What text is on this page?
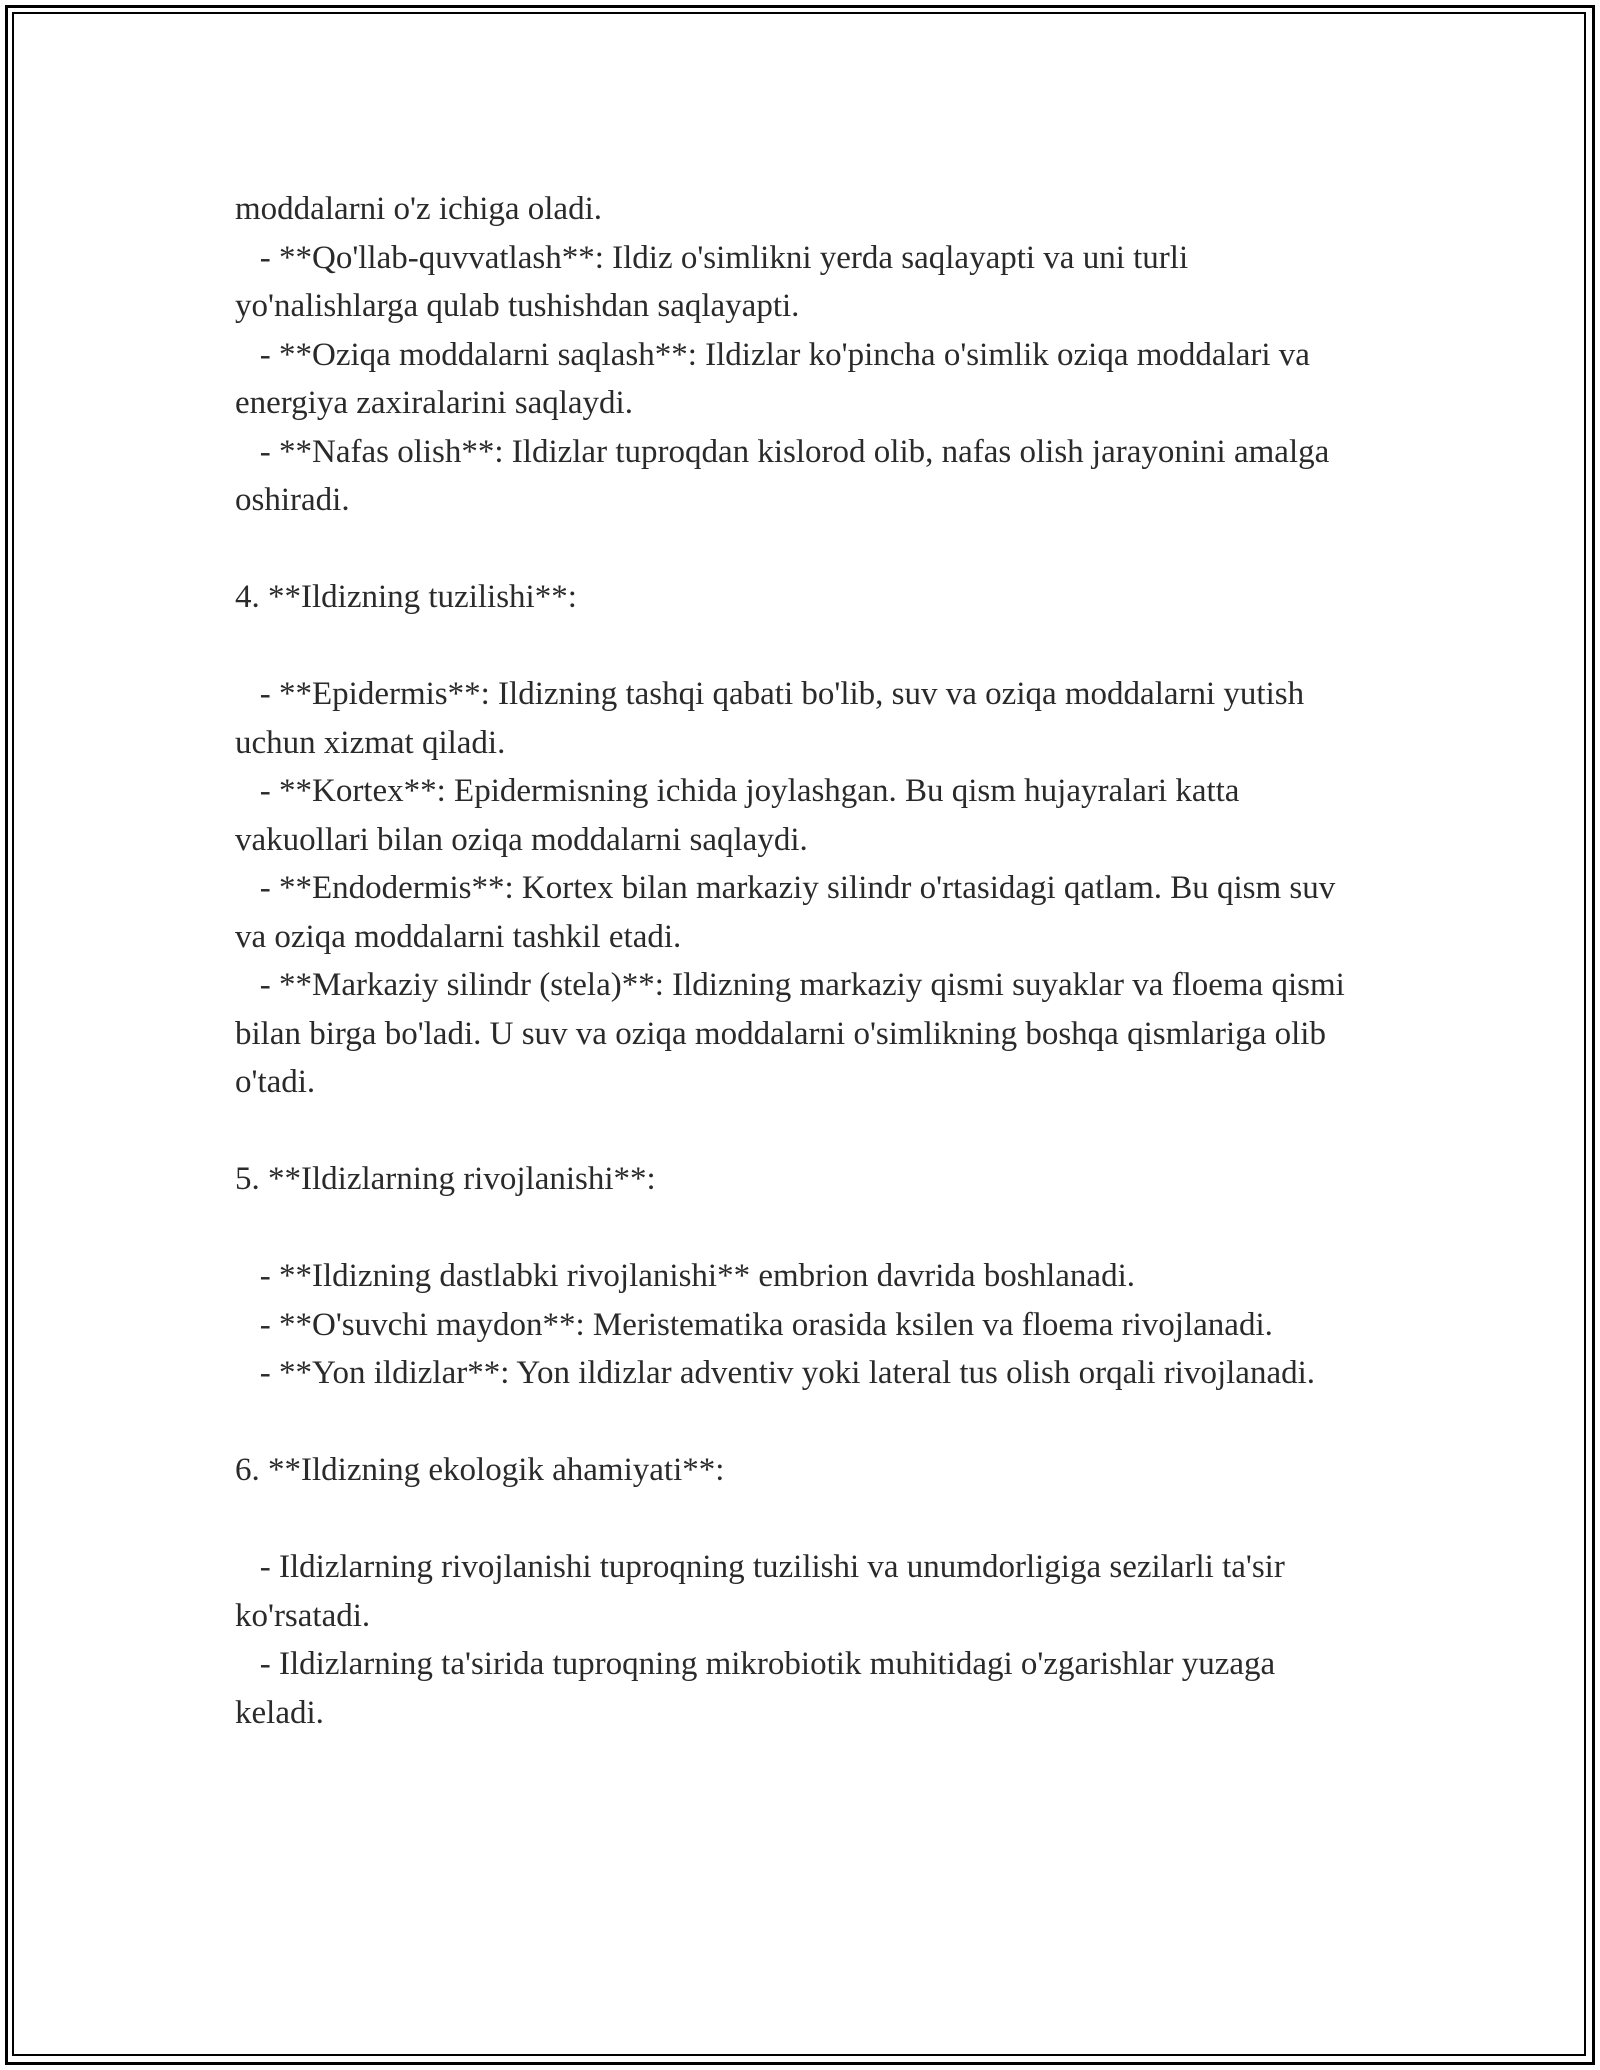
moddalarni o'z ichiga oladi.

- **Qo'llab-quvvatlash**: Ildiz o'simlikni yerda saqlayapti va uni turli yo'nalishlarga qulab tushishdan saqlayapti.

- **Oziqa moddalarni saqlash**: Ildizlar ko'pincha o'simlik oziqa moddalari va energiya zaxiralarini saqlaydi.

- **Nafas olish**: Ildizlar tuproqdan kislorod olib, nafas olish jarayonini amalga oshiradi.

4. **Ildizning tuzilishi**:

- **Epidermis**: Ildizning tashqi qabati bo'lib, suv va oziqa moddalarni yutish uchun xizmat qiladi.

- **Kortex**: Epidermisning ichida joylashgan. Bu qism hujayralari katta vakuollari bilan oziqa moddalarni saqlaydi.

- **Endodermis**: Kortex bilan markaziy silindr o'rtasidagi qatlam. Bu qism suv va oziqa moddalarni tashkil etadi.

- **Markaziy silindr (stela)**: Ildizning markaziy qismi suyaklar va floema qismi bilan birga bo'ladi. U suv va oziqa moddalarni o'simlikning boshqa qismlariga olib o'tadi.

5. **Ildizlarning rivojlanishi**:

- **Ildizning dastlabki rivojlanishi** embrion davrida boshlanadi.

- **O'suvchi maydon**: Meristematika orasida ksilen va floema rivojlanadi.

- **Yon ildizlar**: Yon ildizlar adventiv yoki lateral tus olish orqali rivojlanadi.

6. **Ildizning ekologik ahamiyati**:

- Ildizlarning rivojlanishi tuproqning tuzilishi va unumdorligiga sezilarli ta'sir ko'rsatadi.

- Ildizlarning ta'sirida tuproqning mikrobiotik muhitidagi o'zgarishlar yuzaga keladi.
